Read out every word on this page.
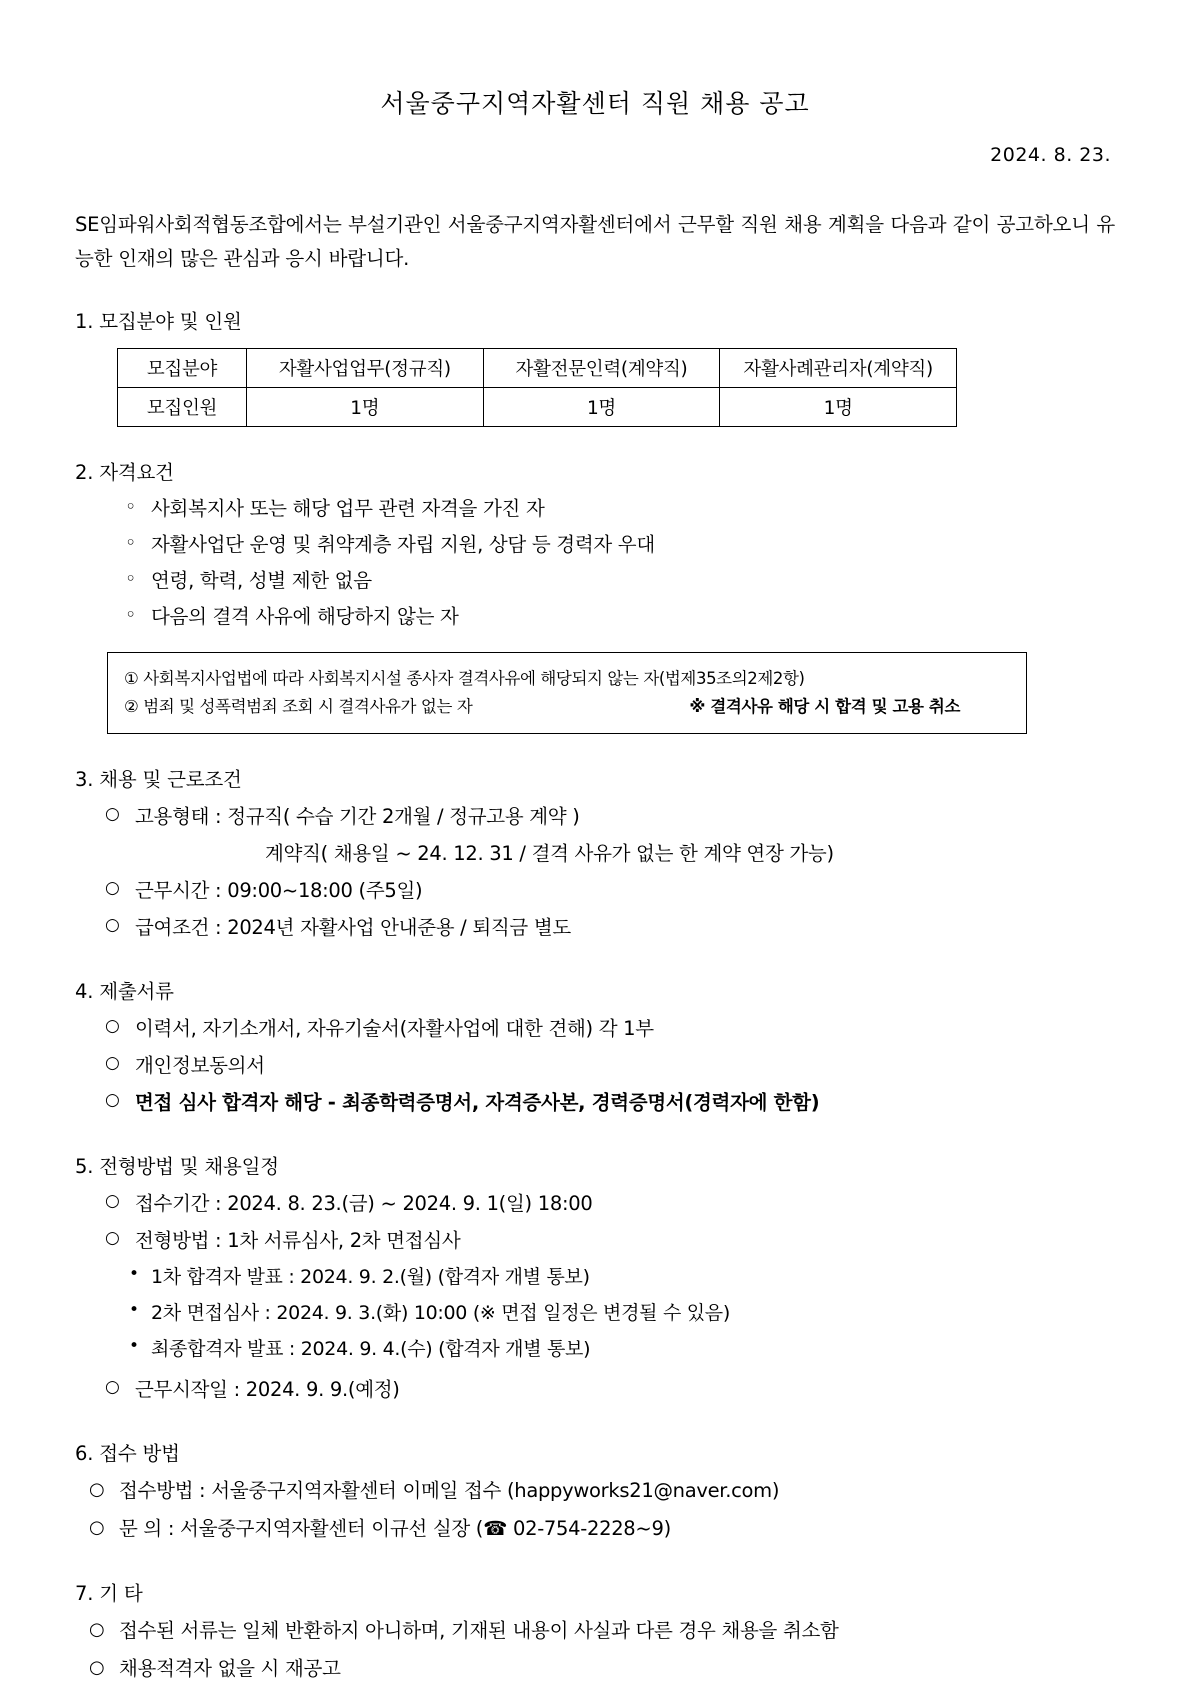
서울중구지역자활센터 직원 채용 공고
2024. 8. 23.

SE임파워사회적협동조합에서는 부설기관인 서울중구지역자활센터에서 근무할 직원 채용 계획을 다음과 같이 공고하오니 유능한 인재의 많은 관심과 응시 바랍니다.

1. 모집분야 및 인원
모집분야	자활사업업무(정규직)	자활전문인력(계약직)	자활사례관리자(계약직)
모집인원	1명	1명	1명
2. 자격요건
◦ 사회복지사 또는 해당 업무 관련 자격을 가진 자
◦ 자활사업단 운영 및 취약계층 자립 지원, 상담 등 경력자 우대
◦ 연령, 학력, 성별 제한 없음
◦ 다음의 결격 사유에 해당하지 않는 자
① 사회복지사업법에 따라 사회복지시설 종사자 결격사유에 해당되지 않는 자(법제35조의2제2항)
② 범죄 및 성폭력범죄 조회 시 결격사유가 없는 자	※ 결격사유 해당 시 합격 및 고용 취소
3. 채용 및 근로조건
○ 고용형태 : 정규직( 수습 기간 2개월 / 정규고용 계약 )
계약직( 채용일 ~ 24. 12. 31 / 결격 사유가 없는 한 계약 연장 가능)
○ 근무시간 : 09:00~18:00 (주5일)
○ 급여조건 : 2024년 자활사업 안내준용 / 퇴직금 별도
4. 제출서류
○ 이력서, 자기소개서, 자유기술서(자활사업에 대한 견해) 각 1부
○ 개인정보동의서
○ 면접 심사 합격자 해당 - 최종학력증명서, 자격증사본, 경력증명서(경력자에 한함)
5. 전형방법 및 채용일정
○ 접수기간 : 2024. 8. 23.(금) ~ 2024. 9. 1(일) 18:00
○ 전형방법 : 1차 서류심사, 2차 면접심사
• 1차 합격자 발표 : 2024. 9. 2.(월) (합격자 개별 통보)
• 2차 면접심사 : 2024. 9. 3.(화) 10:00 (※ 면접 일정은 변경될 수 있음)
• 최종합격자 발표 : 2024. 9. 4.(수) (합격자 개별 통보)
○ 근무시작일 : 2024. 9. 9.(예정)
6. 접수 방법
○ 접수방법 : 서울중구지역자활센터 이메일 접수 (happyworks21@naver.com)
○ 문 의 : 서울중구지역자활센터 이규선 실장 (☎ 02-754-2228~9)
7. 기 타
○ 접수된 서류는 일체 반환하지 아니하며, 기재된 내용이 사실과 다른 경우 채용을 취소함
○ 채용적격자 없을 시 재공고
